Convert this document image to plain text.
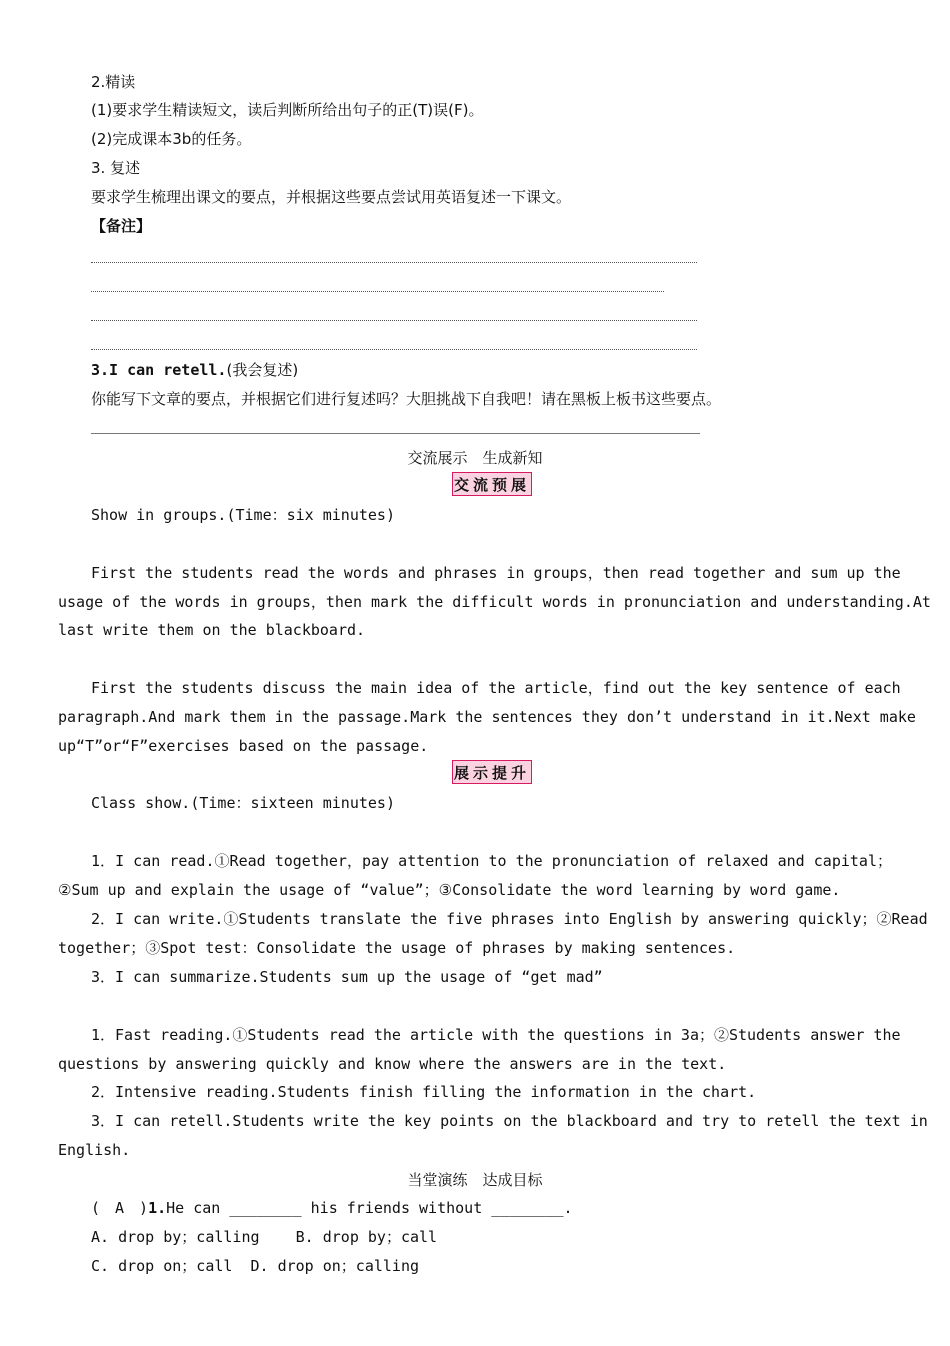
2.精读
(1)要求学生精读短文，读后判断所给出句子的正(T)误(F)。
(2)完成课本3b的任务。
3. 复述
要求学生梳理出课文的要点，并根据这些要点尝试用英语复述一下课文。
【备注】
3.I can retell.(我会复述)
你能写下文章的要点，并根据它们进行复述吗？大胆挑战下自我吧！请在黑板上板书这些要点。
交流展示　生成新知
交流预展
Show in groups.(Time：six minutes)
First the students read the words and phrases in groups，then read together and sum up the
usage of the words in groups，then mark the difficult words in pronunciation and understanding.At
last write them on the blackboard.
First the students discuss the main idea of the article，find out the key sentence of each
paragraph.And mark them in the passage.Mark the sentences they don’t understand in it.Next make
up“T”or“F”exercises based on the passage.
展示提升
Class show.(Time：sixteen minutes)
1．I can read.①Read together，pay attention to the pronunciation of relaxed and capital；
②Sum up and explain the usage of “value”；③Consolidate the word learning by word game.
2．I can write.①Students translate the five phrases into English by answering quickly；②Read
together；③Spot test：Consolidate the usage of phrases by making sentences.
3．I can summarize.Students sum up the usage of “get mad”
1．Fast reading.①Students read the article with the questions in 3a；②Students answer the
questions by answering quickly and know where the answers are in the text.
2．Intensive reading.Students finish filling the information in the chart.
3．I can retell.Students write the key points on the blackboard and try to retell the text in
English.
当堂演练　达成目标
(　A　)1.He can ________ his friends without ________.
A. drop by；calling    B. drop by；call
C. drop on；call  D. drop on；calling
